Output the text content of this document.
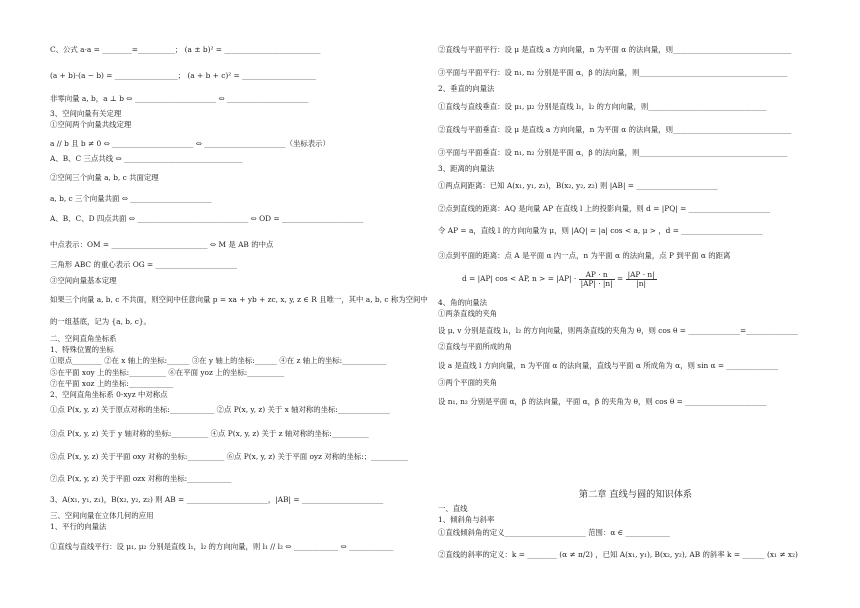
C、公式 a·a = ________=__________； (a ± b)² = __________________________
(a + b)·(a − b) = _________________； (a + b + c)² = ____________________
非零向量 a, b，a ⊥ b ⇔ ______________________ ⇔ ______________________
3、空间向量有关定理
①空间两个向量共线定理
a // b 且 b ≠ 0 ⇔ ______________________ ⇔ ______________________（坐标表示）
A、B、C 三点共线 ⇔ ________________________________
②空间三个向量 a, b, c 共面定理
a, b, c 三个向量共面 ⇔ ______________________
A、B、C、D 四点共面 ⇔ ______________________________ ⇔ OD = ______________________
中点表示：OM = __________________________ ⇔ M 是 AB 的中点
三角形 ABC 的重心表示 OG = ______________________
③空间向量基本定理
如果三个向量 a, b, c 不共面，则空间中任意向量 p = xa + yb + zc, x, y, z ∈ R 且唯一，其中 a, b, c 称为空间中
的一组基底，记为 {a, b, c}。
二、空间直角坐标系
1、特殊位置的坐标
①原点________ ②在 x 轴上的坐标:______ ③在 y 轴上的坐标:______ ④在 z 轴上的坐标:____________
⑤在平面 xoy 上的坐标:__________ ⑥在平面 yoz 上的坐标:__________
⑦在平面 xoz 上的坐标:____________
2、空间直角坐标系 0-xyz 中对称点
①点 P(x, y, z) 关于原点对称的坐标:____________ ②点 P(x, y, z) 关于 x 轴对称的坐标:______________
③点 P(x, y, z) 关于 y 轴对称的坐标:__________ ④点 P(x, y, z) 关于 z 轴对称的坐标:__________
⑤点 P(x, y, z) 关于平面 oxy 对称的坐标:__________ ⑥点 P(x, y, z) 关于平面 oyz 对称的坐标:；__________
⑦点 P(x, y, z) 关于平面 ozx 对称的坐标:____________
3、A(x₁, y₁, z₁)，B(x₂, y₂, z₂) 则 AB = ______________________，|AB| = ______________________
三、空间向量在立体几何的应用
1、平行的向量法
①直线与直线平行：设 μ₁, μ₂ 分别是直线 l₁，l₂ 的方向向量，则 l₁ // l₂ ⇔ ____________ ⇔ ____________
②直线与平面平行：设 μ 是直线 a 方向向量，n 为平面 α 的法向量，则________________________________
③平面与平面平行：设 n₁, n₂ 分别是平面 α，β 的法向量，则________________________________________
2、垂直的向量法
①直线与直线垂直：设 μ₁, μ₂ 分别是直线 l₁，l₂ 的方向向量，则________________________________
②直线与平面垂直：设 μ 是直线 a 方向向量，n 为平面 α 的法向量，则________________________________
③平面与平面垂直：设 n₁, n₂ 分别是平面 α，β 的法向量，则________________________________________
3、距离的向量法
①两点间距离：已知 A(x₁, y₁, z₁)，B(x₂, y₂, z₂) 则 |AB| = ______________________
②点到直线的距离：AQ 是向量 AP 在直线 l 上的投影向量，则 d = |PQ| = ______________________
令 AP = a，直线 l 的方向向量为 μ，则 |AQ| = |a| cos < a, μ > ，d = ______________________
③点到平面的距离：点 A 是平面 α 内一点，n 为平面 α 的法向量，点 P 到平面 α 的距离
d = |AP| cos < AP, n > = $|AP| \cdot \frac{AP \cdot n}{|AP| \cdot |n|} = \frac{|AP \cdot n|}{|n|}$
4、角的向量法
①两条直线的夹角
设 μ, v 分别是直线 l₁，l₂ 的方向向量，则两条直线的夹角为 θ，则 cos θ = ______________=______________
②直线与平面所成的角
设 a 是直线 l 方向向量，n 为平面 α 的法向量，直线与平面 α 所成角为 α，则 sin α = ______________
③两个平面的夹角
设 n₁, n₂ 分别是平面 α，β 的法向量，平面 α，β 的夹角为 θ，则 cos θ = ______________________
第二章 直线与圆的知识体系
一、直线
1、倾斜角与斜率
①直线倾斜角的定义______________________ 范围：α ∈ ____________
②直线的斜率的定义：k = ________ (α ≠ π/2) ，已知 A(x₁, y₁), B(x₂, y₂), AB 的斜率 k = ______ (x₁ ≠ x₂)
